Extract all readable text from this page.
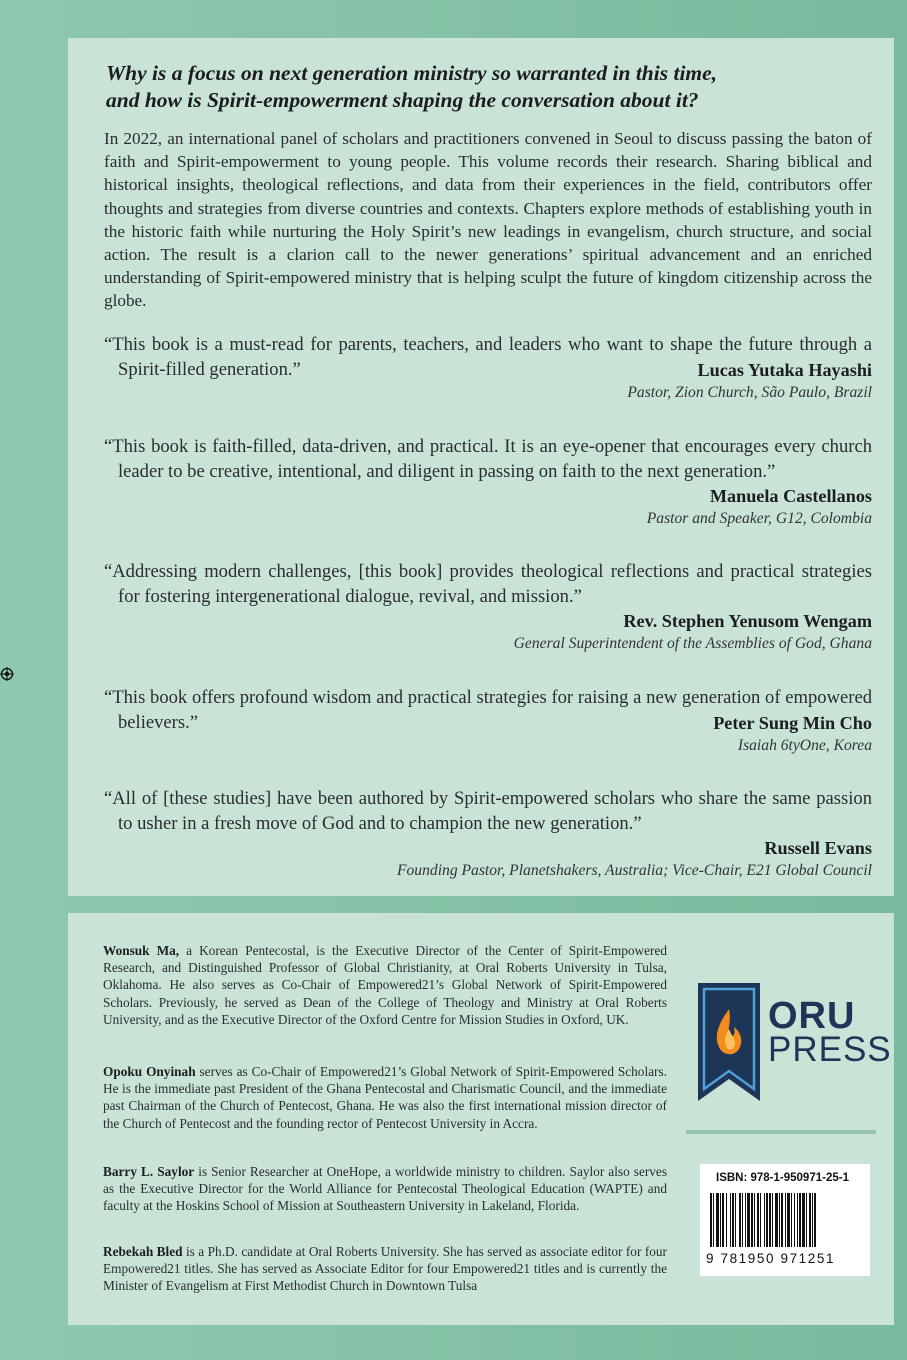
Why is a focus on next generation ministry so warranted in this time,
and how is Spirit-empowerment shaping the conversation about it?
In 2022, an international panel of scholars and practitioners convened in Seoul to discuss passing the baton of faith and Spirit-empowerment to young people. This volume records their research. Sharing biblical and historical insights, theological reflections, and data from their experiences in the field, contributors offer thoughts and strategies from diverse countries and contexts. Chapters explore methods of establishing youth in the historic faith while nurturing the Holy Spirit’s new leadings in evangelism, church structure, and social action. The result is a clarion call to the newer generations’ spiritual advancement and an enriched understanding of Spirit-empowered ministry that is helping sculpt the future of kingdom citizenship across the globe.
“This book is a must-read for parents, teachers, and leaders who want to shape the future through a Spirit-filled generation.”	Lucas Yutaka Hayashi
Pastor, Zion Church, São Paulo, Brazil
“This book is faith-filled, data-driven, and practical. It is an eye-opener that encourages every church leader to be creative, intentional, and diligent in passing on faith to the next generation.”
Manuela Castellanos
Pastor and Speaker, G12, Colombia
“Addressing modern challenges, [this book] provides theological reflections and practical strategies for fostering intergenerational dialogue, revival, and mission.”
Rev. Stephen Yenusom Wengam
General Superintendent of the Assemblies of God, Ghana
“This book offers profound wisdom and practical strategies for raising a new generation of empowered believers.”	Peter Sung Min Cho
Isaiah 6tyOne, Korea
“All of [these studies] have been authored by Spirit-empowered scholars who share the same passion to usher in a fresh move of God and to champion the new generation.”
Russell Evans
Founding Pastor, Planetshakers, Australia; Vice-Chair, E21 Global Council
Wonsuk Ma, a Korean Pentecostal, is the Executive Director of the Center of Spirit-Empowered Research, and Distinguished Professor of Global Christianity, at Oral Roberts University in Tulsa, Oklahoma. He also serves as Co-Chair of Empowered21’s Global Network of Spirit-Empowered Scholars. Previously, he served as Dean of the College of Theology and Ministry at Oral Roberts University, and as the Executive Director of the Oxford Centre for Mission Studies in Oxford, UK.
Opoku Onyinah serves as Co-Chair of Empowered21’s Global Network of Spirit-Empowered Scholars. He is the immediate past President of the Ghana Pentecostal and Charismatic Council, and the immediate past Chairman of the Church of Pentecost, Ghana. He was also the first international mission director of the Church of Pentecost and the founding rector of Pentecost University in Accra.
Barry L. Saylor is Senior Researcher at OneHope, a worldwide ministry to children. Saylor also serves as the Executive Director for the World Alliance for Pentecostal Theological Education (WAPTE) and faculty at the Hoskins School of Mission at Southeastern University in Lakeland, Florida.
Rebekah Bled is a Ph.D. candidate at Oral Roberts University. She has served as associate editor for four Empowered21 titles. She has served as Associate Editor for four Empowered21 titles and is currently the Minister of Evangelism at First Methodist Church in Downtown Tulsa
ORU
PRESS
ISBN: 978-1-950971-25-1
9 781950 971251
